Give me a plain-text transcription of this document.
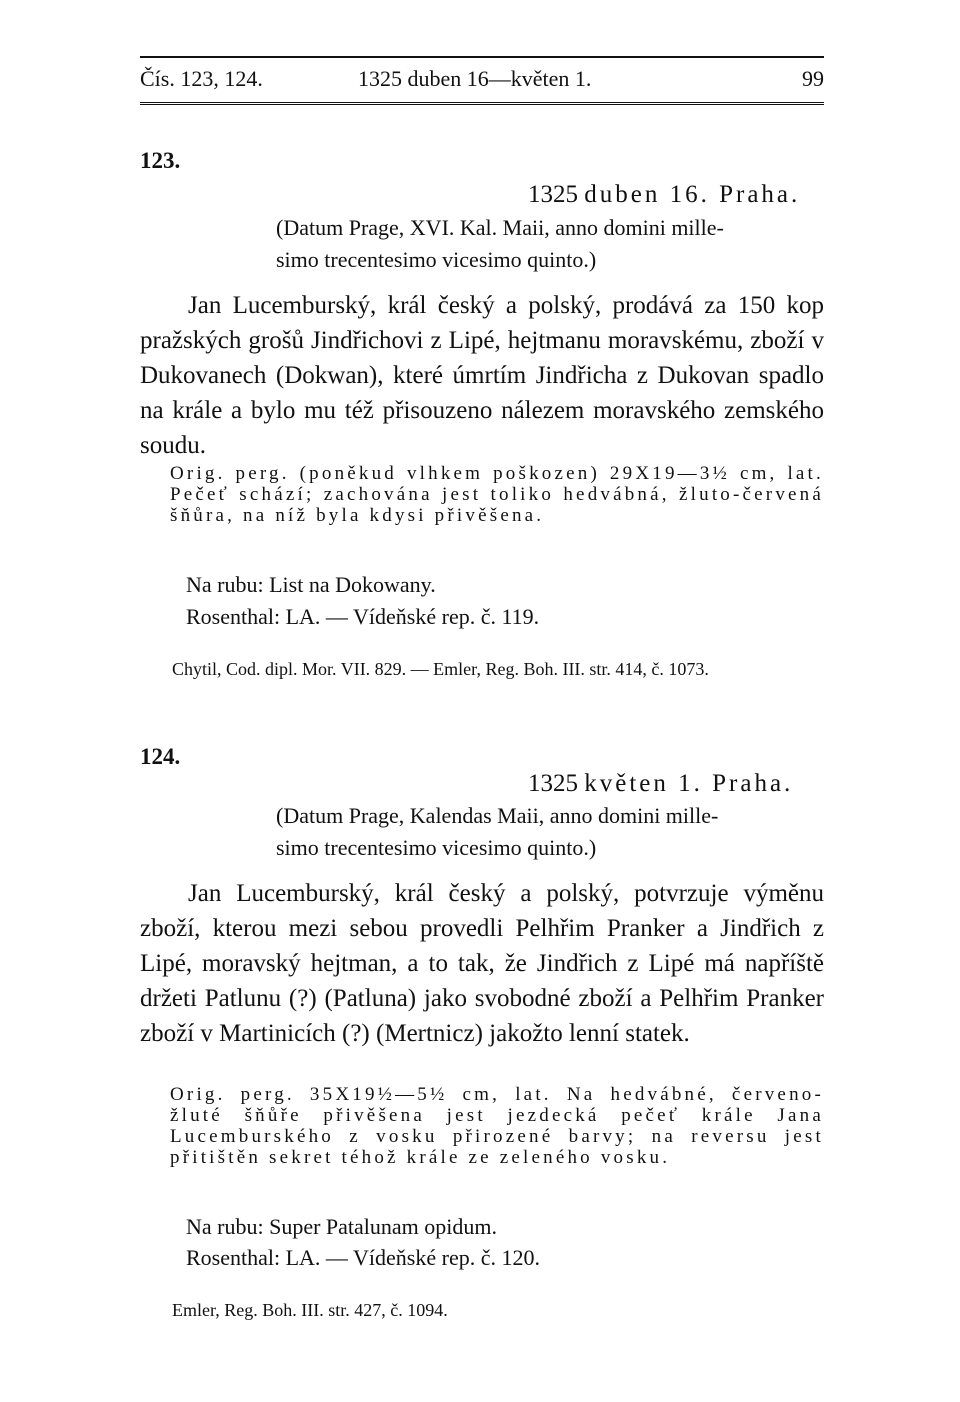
Čís. 123, 124.	1325 duben 16—květen 1.	99
123.
1325 duben 16. Praha.
(Datum Prage, XVI. Kal. Maii, anno domini mille-
simo trecentesimo vicesimo quinto.)
Jan Lucemburský, král český a polský, prodává za 150 kop pražských grošů Jindřichovi z Lipé, hejtmanu moravskému, zboží v Dukovanech (Dokwan), které úmrtím Jindřicha z Dukovan spadlo na krále a bylo mu též přisouzeno nálezem moravského zemského soudu.
Orig. perg. (poněkud vlhkem poškozen) 29X19—3½ cm, lat. Pečeť schází; zachována jest toliko hedvábná, žluto-červená šňůra, na níž byla kdysi přivěšena.
Na rubu: List na Dokowany.
Rosenthal: LA. — Vídeňské rep. č. 119.
Chytil, Cod. dipl. Mor. VII. 829. — Emler, Reg. Boh. III. str. 414, č. 1073.
124.
1325 květen 1. Praha.
(Datum Prage, Kalendas Maii, anno domini mille-
simo trecentesimo vicesimo quinto.)
Jan Lucemburský, král český a polský, potvrzuje výměnu zboží, kterou mezi sebou provedli Pelhřim Pranker a Jindřich z Lipé, moravský hejtman, a to tak, že Jindřich z Lipé má napříště držeti Patlunu (?) (Patluna) jako svobodné zboží a Pelhřim Pranker zboží v Martinicích (?) (Mertnicz) jakožto lenní statek.
Orig. perg. 35X19½—5½ cm, lat. Na hedvábné, červeno-žluté šňůře přivěšena jest jezdecká pečeť krále Jana Lucemburského z vosku přirozené barvy; na reversu jest přitištěn sekret téhož krále ze zeleného vosku.
Na rubu: Super Patalunam opidum.
Rosenthal: LA. — Vídeňské rep. č. 120.
Emler, Reg. Boh. III. str. 427, č. 1094.
